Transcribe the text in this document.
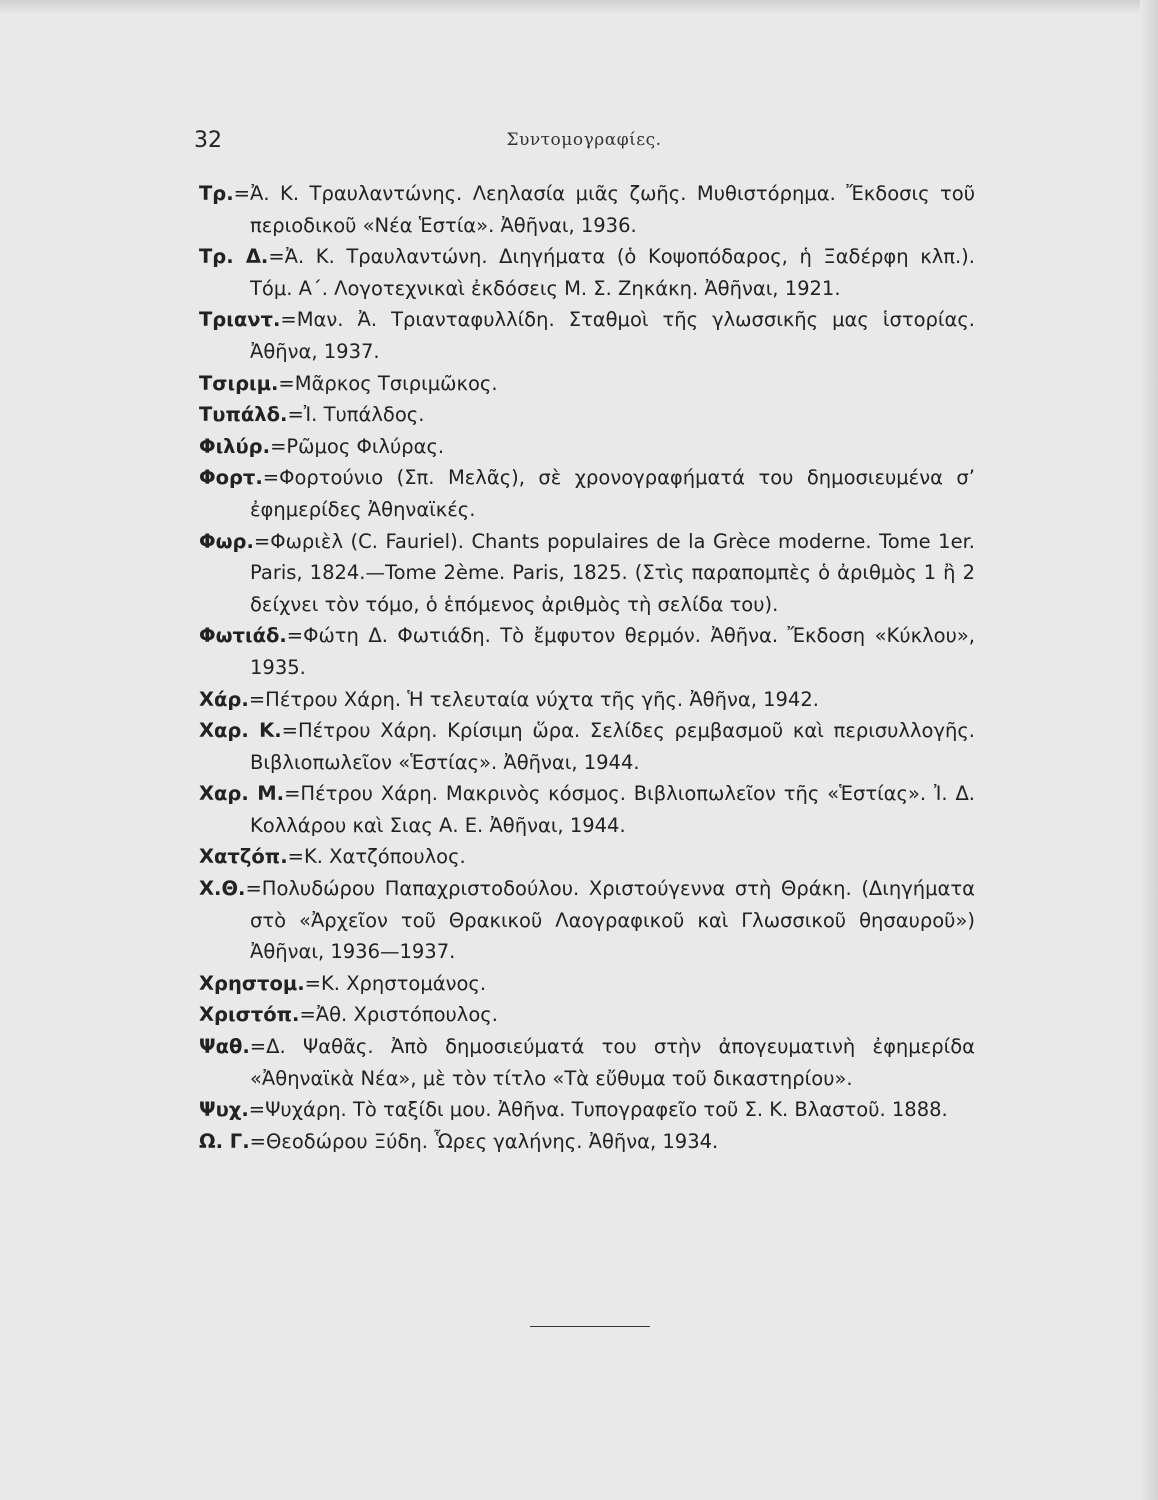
32	Συντομογραφίες.
Τρ.=Ἀ. Κ. Τραυλαντώνης. Λεηλασία μιᾶς ζωῆς. Μυθιστόρημα. Ἔκδοσις τοῦ περιοδικοῦ «Νέα Ἑστία». Ἀθῆναι, 1936.
Τρ. Δ.=Ἀ. Κ. Τραυλαντώνη. Διηγήματα (ὁ Κοψοπόδαρος, ἡ Ξαδέρφη κλπ.). Τόμ. Α΄. Λογοτεχνικαὶ ἐκδόσεις Μ. Σ. Ζηκάκη. Ἀθῆναι, 1921.
Τριαντ.=Μαν. Ἀ. Τριανταφυλλίδη. Σταθμοὶ τῆς γλωσσικῆς μας ἱστορίας. Ἀθῆνα, 1937.
Τσιριμ.=Μᾶρκος Τσιριμῶκος.
Τυπάλδ.=Ἰ. Τυπάλδος.
Φιλύρ.=Ρῶμος Φιλύρας.
Φορτ.=Φορτούνιο (Σπ. Μελᾶς), σὲ χρονογραφήματά του δημοσιευμένα σ’ ἐφημερίδες Ἀθηναϊκές.
Φωρ.=Φωριὲλ (C. Fauriel). Chants populaires de la Grèce moderne. Tome 1er. Paris, 1824.—Tome 2ème. Paris, 1825. (Στὶς παραπομπὲς ὁ ἀριθμὸς 1 ἢ 2 δείχνει τὸν τόμο, ὁ ἑπόμενος ἀριθμὸς τὴ σελίδα του).
Φωτιάδ.=Φώτη Δ. Φωτιάδη. Τὸ ἔμφυτον θερμόν. Ἀθῆνα. Ἔκδοση «Κύκλου», 1935.
Χάρ.=Πέτρου Χάρη. Ἡ τελευταία νύχτα τῆς γῆς. Ἀθῆνα, 1942.
Χαρ. Κ.=Πέτρου Χάρη. Κρίσιμη ὥρα. Σελίδες ρεμβασμοῦ καὶ περισυλλογῆς. Βιβλιοπωλεῖον «Ἑστίας». Ἀθῆναι, 1944.
Χαρ. Μ.=Πέτρου Χάρη. Μακρινὸς κόσμος. Βιβλιοπωλεῖον τῆς «Ἑστίας». Ἰ. Δ. Κολλάρου καὶ Σιας Α. Ε. Ἀθῆναι, 1944.
Χατζόπ.=Κ. Χατζόπουλος.
Χ.Θ.=Πολυδώρου Παπαχριστοδούλου. Χριστούγεννα στὴ Θράκη. (Διηγήματα στὸ «Ἀρχεῖον τοῦ Θρακικοῦ Λαογραφικοῦ καὶ Γλωσσικοῦ θησαυροῦ») Ἀθῆναι, 1936—1937.
Χρηστομ.=Κ. Χρηστομάνος.
Χριστόπ.=Ἀθ. Χριστόπουλος.
Ψαθ.=Δ. Ψαθᾶς. Ἀπὸ δημοσιεύματά του στὴν ἀπογευματινὴ ἐφημερίδα «Ἀθηναϊκὰ Νέα», μὲ τὸν τίτλο «Τὰ εὔθυμα τοῦ δικαστηρίου».
Ψυχ.=Ψυχάρη. Τὸ ταξίδι μου. Ἀθῆνα. Τυπογραφεῖο τοῦ Σ. Κ. Βλαστοῦ. 1888.
Ω. Γ.=Θεοδώρου Ξύδη. Ὧρες γαλήνης. Ἀθῆνα, 1934.
